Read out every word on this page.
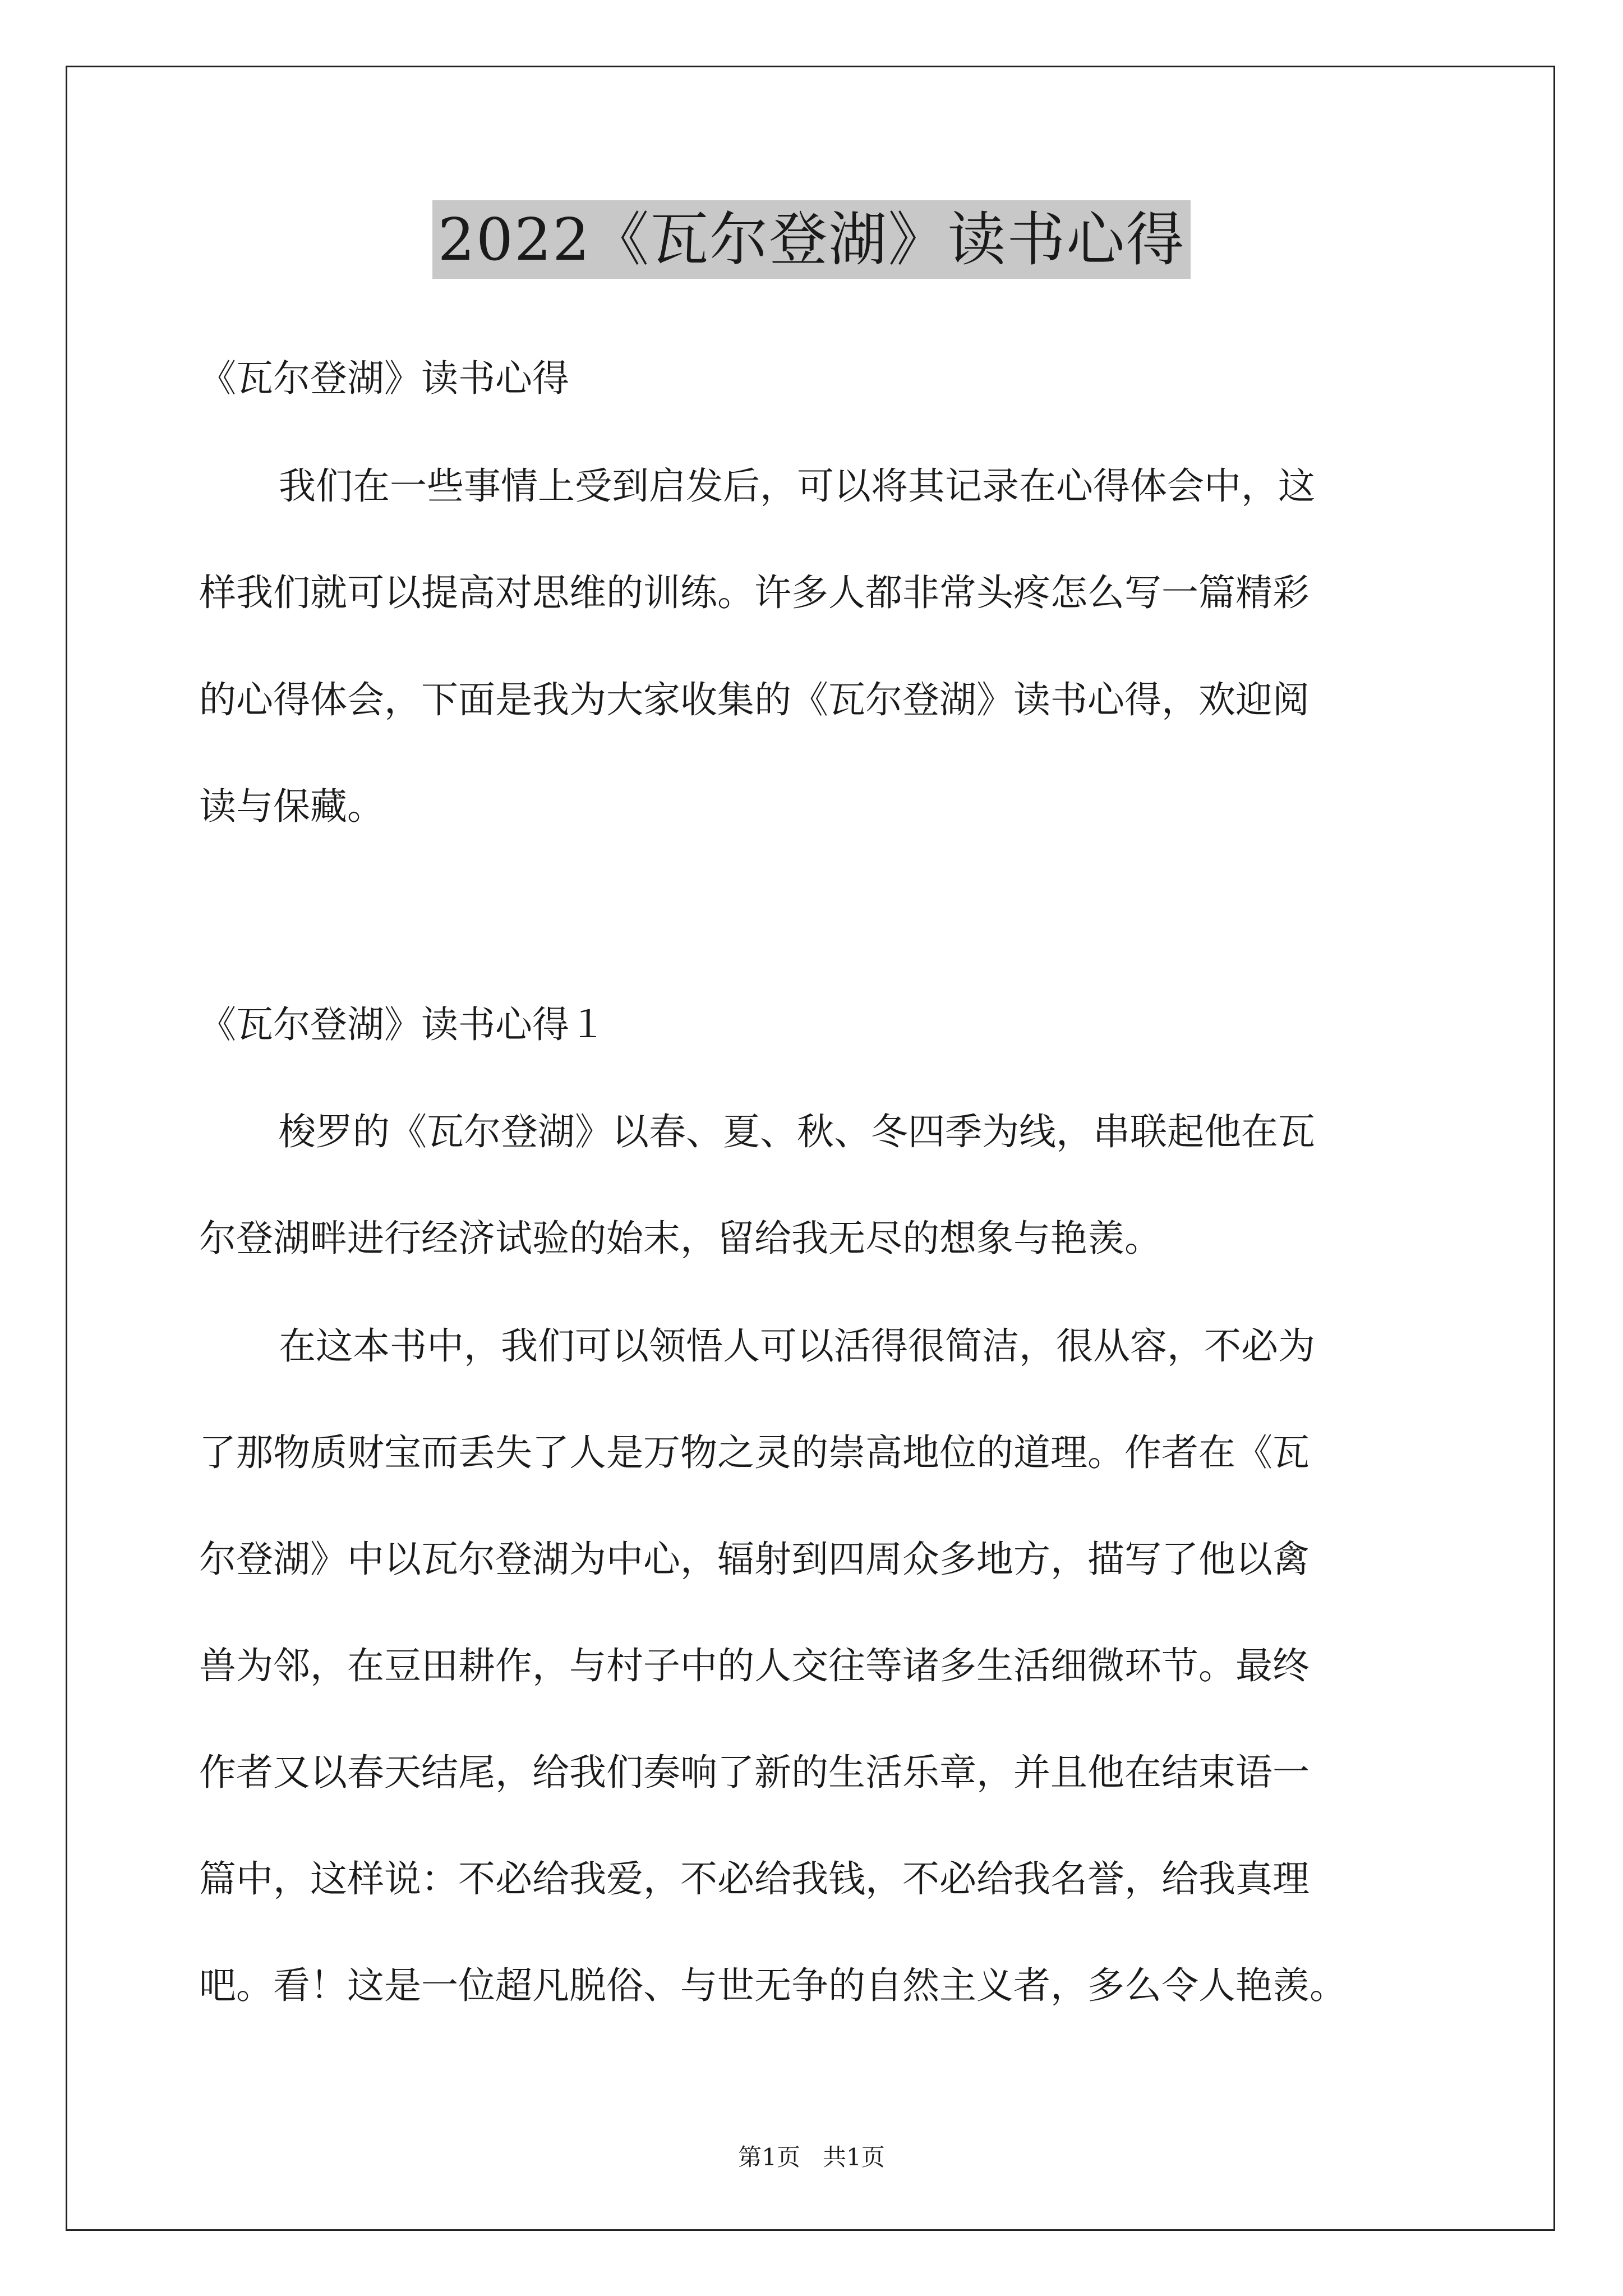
2022《瓦尔登湖》读书心得
《瓦尔登湖》读书心得
我们在一些事情上受到启发后，可以将其记录在心得体会中，这
样我们就可以提高对思维的训练。许多人都非常头疼怎么写一篇精彩
的心得体会，下面是我为大家收集的《瓦尔登湖》读书心得，欢迎阅
读与保藏。
《瓦尔登湖》读书心得１
梭罗的《瓦尔登湖》以春、夏、秋、冬四季为线，串联起他在瓦
尔登湖畔进行经济试验的始末，留给我无尽的想象与艳羡。
在这本书中，我们可以领悟人可以活得很简洁，很从容，不必为
了那物质财宝而丢失了人是万物之灵的崇高地位的道理。作者在《瓦
尔登湖》中以瓦尔登湖为中心，辐射到四周众多地方，描写了他以禽
兽为邻，在豆田耕作，与村子中的人交往等诸多生活细微环节。最终
作者又以春天结尾，给我们奏响了新的生活乐章，并且他在结束语一
篇中，这样说：不必给我爱，不必给我钱，不必给我名誉，给我真理
吧。看！这是一位超凡脱俗、与世无争的自然主义者，多么令人艳羡。
第1页   共1页
